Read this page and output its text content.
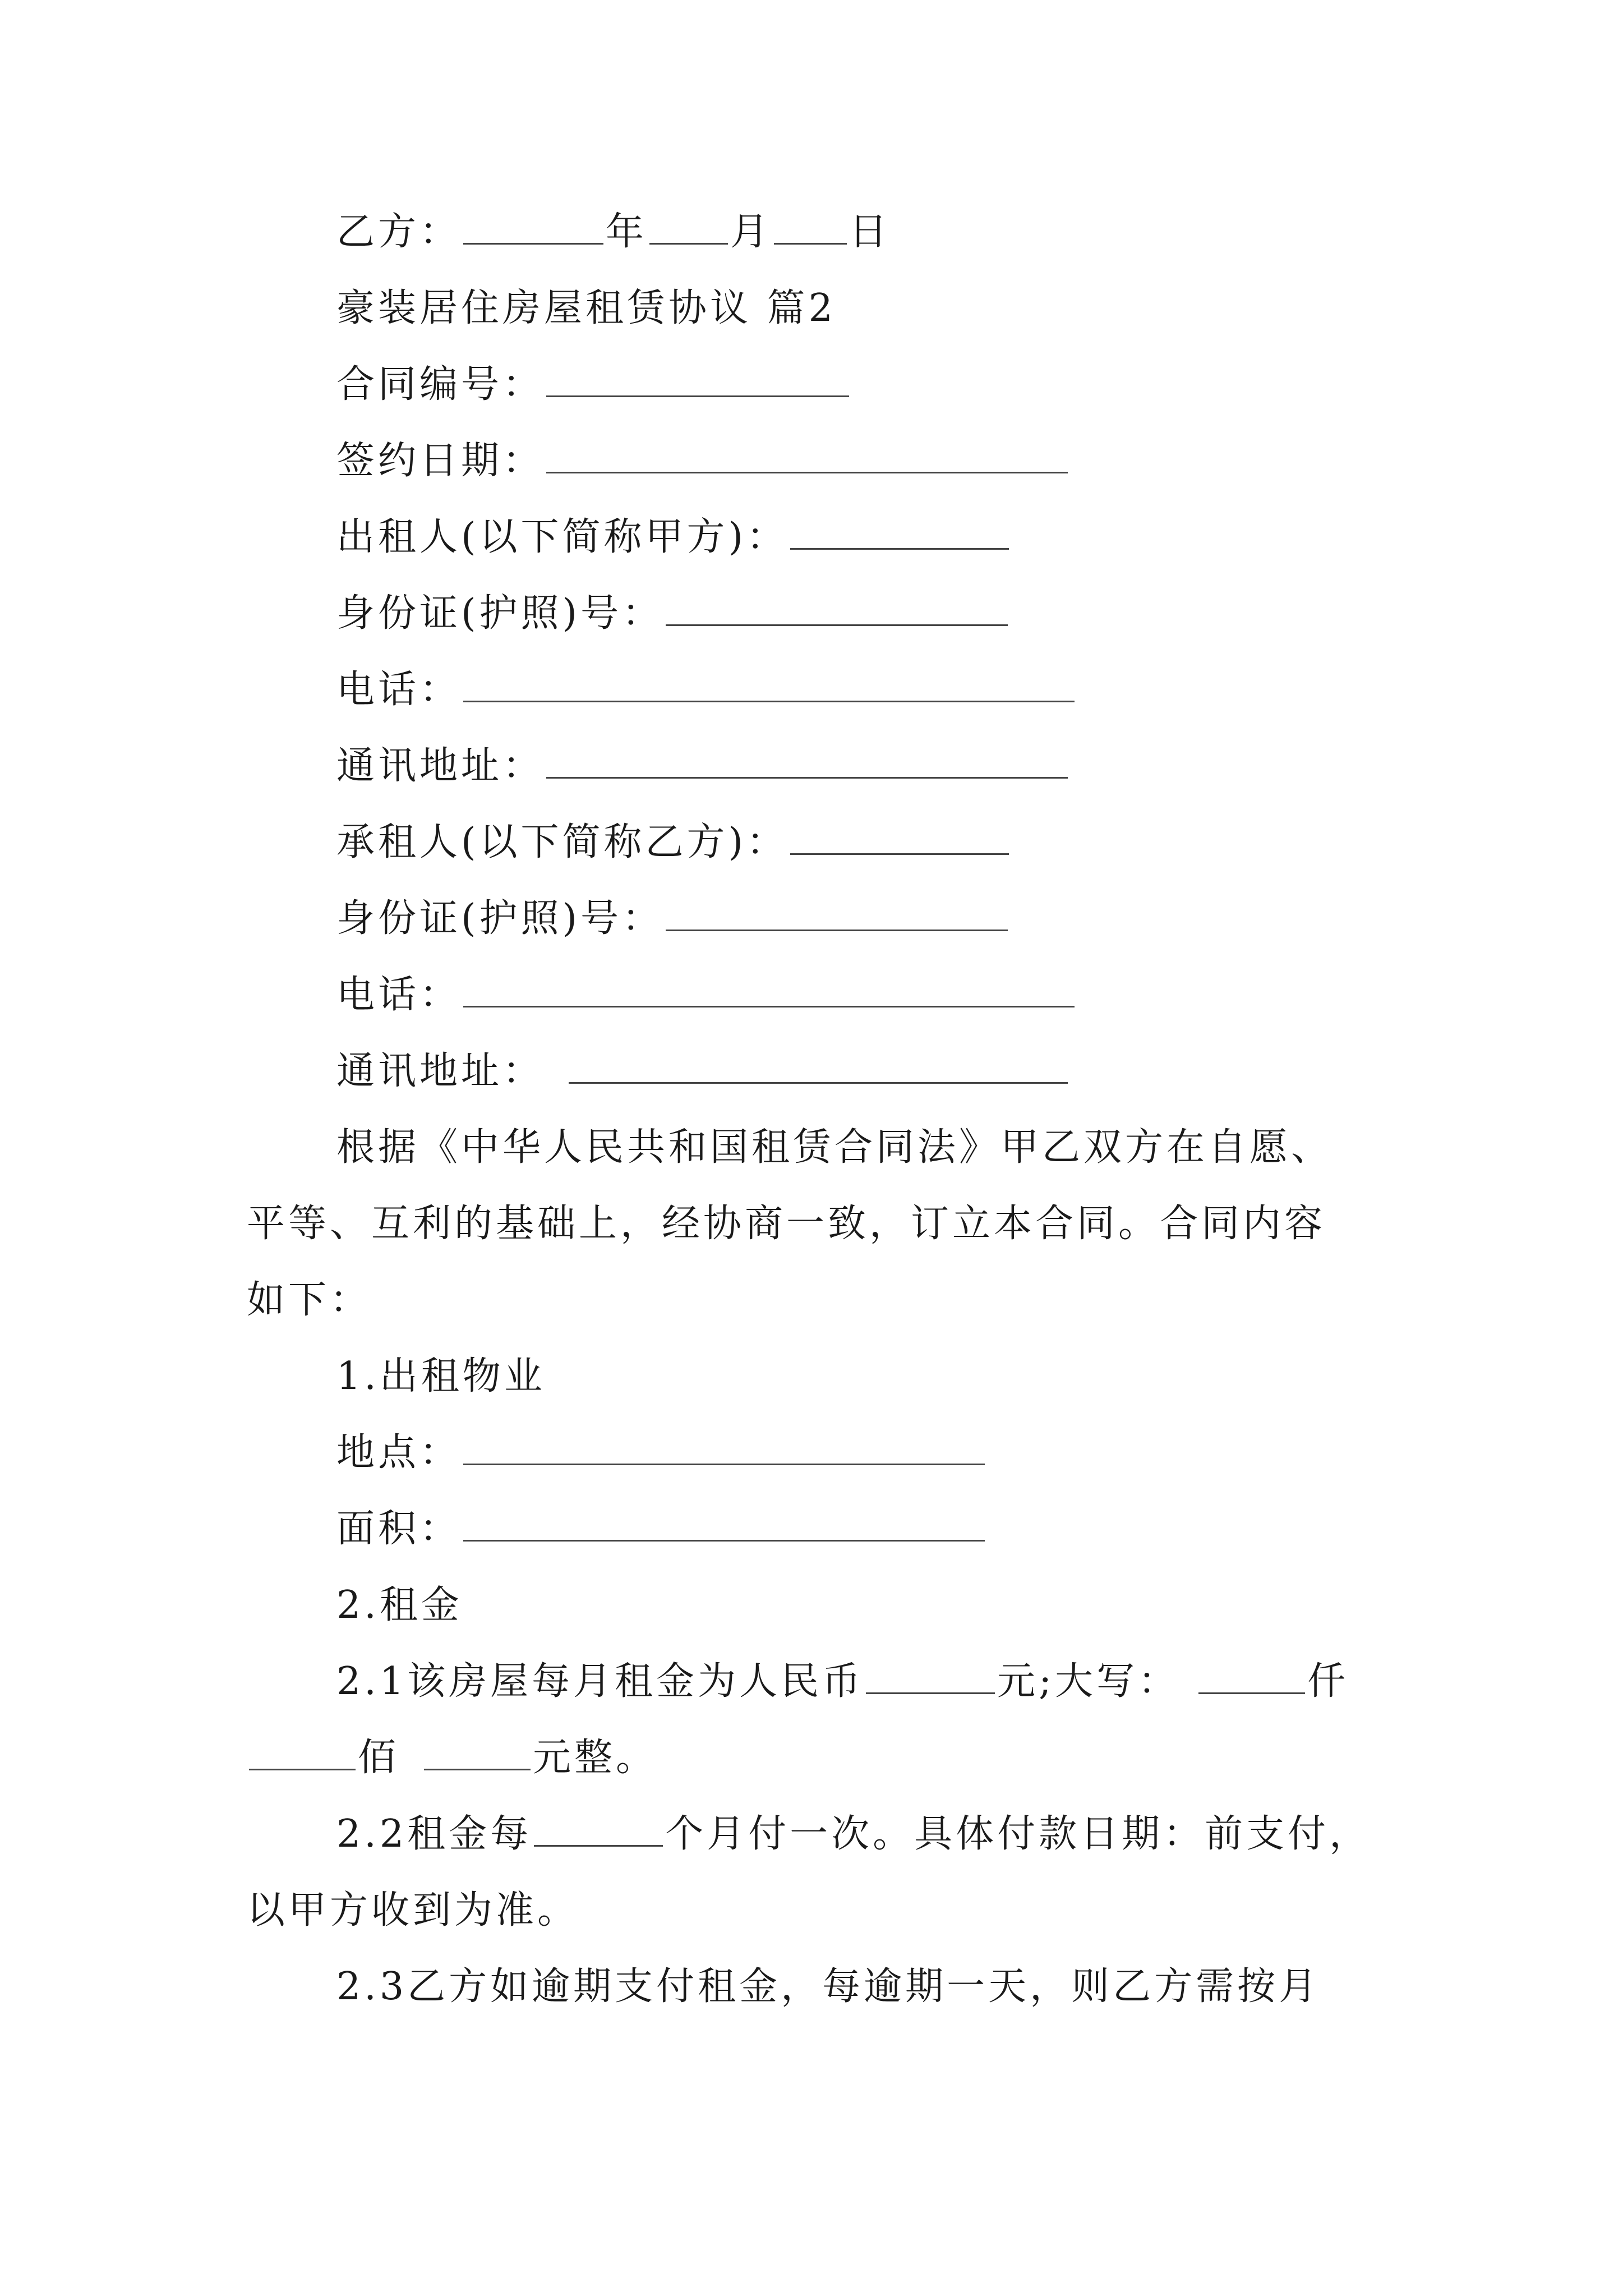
乙方：	年 月 日
豪装居住房屋租赁协议 篇2
合同编号：
签约日期：
出租人(以下简称甲方)：
身份证(护照)号：
电话：
通讯地址：
承租人(以下简称乙方)：
身份证(护照)号：
电话：
通讯地址：
根据《中华人民共和国租赁合同法》甲乙双方在自愿、
平等、互利的基础上，经协商一致，订立本合同。合同内容
如下：
1.出租物业
地点：
面积：
2.租金
2.1该房屋每月租金为人民币	元;大写：	仟
佰	元整。
2.2租金每	个月付一次。具体付款日期：前支付，
以甲方收到为准。
2.3乙方如逾期支付租金，每逾期一天，则乙方需按月
